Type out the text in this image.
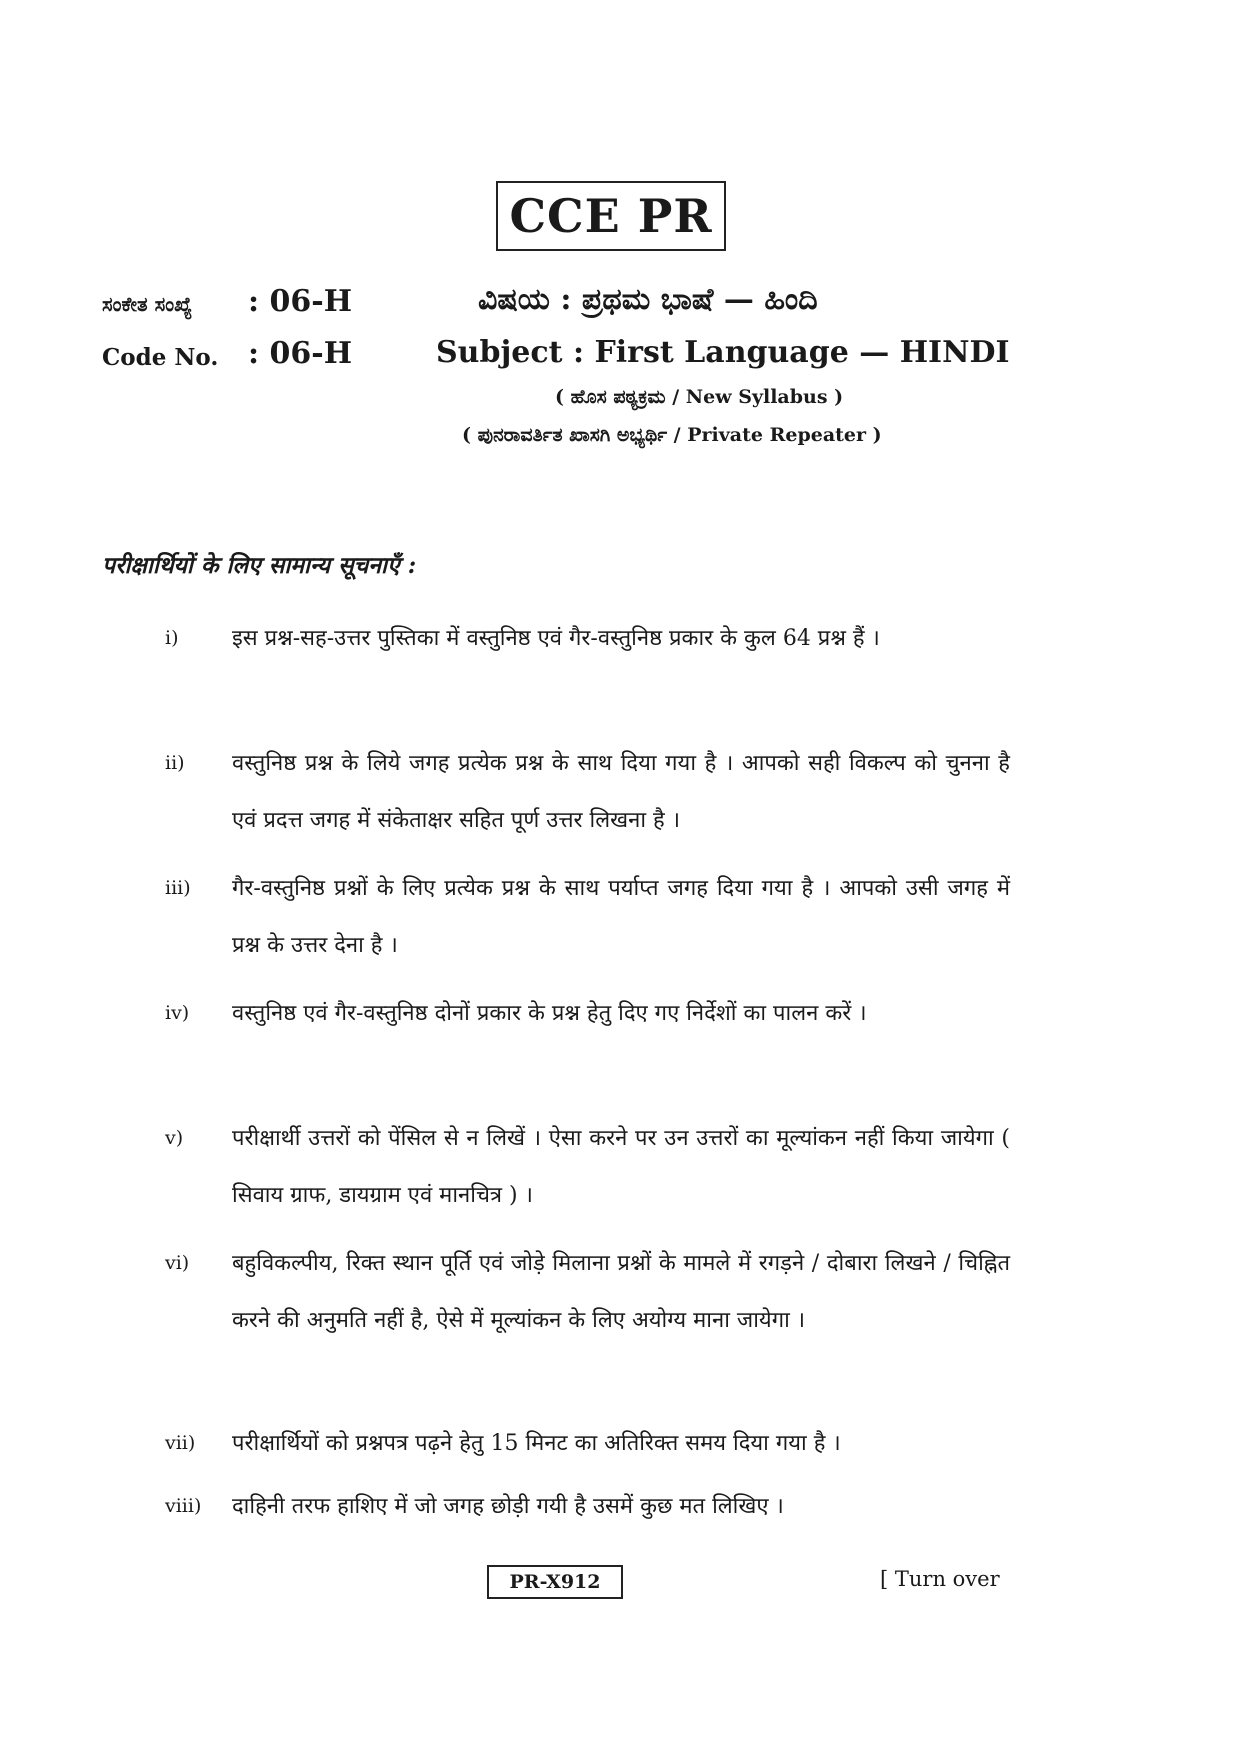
CCE PR
ಸಂಕೇತ ಸಂಖ್ಯೆ : 06-H
Code No. : 06-H
ವಿಷಯ : ಪ್ರಥಮ ಭಾಷೆ — ಹಿಂದಿ
Subject : First Language — HINDI
( ಹೊಸ ಪಠ್ಯಕ್ರಮ / New Syllabus )
( ಪುನರಾವರ್ತಿತ ಖಾಸಗಿ ಅಭ್ಯರ್ಥಿ / Private Repeater )
परीक्षार्थियों के लिए सामान्य सूचनाएँ :
i)	इस प्रश्न-सह-उत्तर पुस्तिका में वस्तुनिष्ठ एवं गैर-वस्तुनिष्ठ प्रकार के कुल 64 प्रश्न हैं ।
ii)	वस्तुनिष्ठ प्रश्न के लिये जगह प्रत्येक प्रश्न के साथ दिया गया है । आपको सही विकल्प को चुनना है एवं प्रदत्त जगह में संकेताक्षर सहित पूर्ण उत्तर लिखना है ।
iii)	गैर-वस्तुनिष्ठ प्रश्नों के लिए प्रत्येक प्रश्न के साथ पर्याप्त जगह दिया गया है । आपको उसी जगह में प्रश्न के उत्तर देना है ।
iv)	वस्तुनिष्ठ एवं गैर-वस्तुनिष्ठ दोनों प्रकार के प्रश्न हेतु दिए गए निर्देशों का पालन करें ।
v)	परीक्षार्थी उत्तरों को पेंसिल से न लिखें । ऐसा करने पर उन उत्तरों का मूल्यांकन नहीं किया जायेगा ( सिवाय ग्राफ, डायग्राम एवं मानचित्र ) ।
vi)	बहुविकल्पीय, रिक्त स्थान पूर्ति एवं जोड़े मिलाना प्रश्नों के मामले में रगड़ने / दोबारा लिखने / चिह्नित करने की अनुमति नहीं है, ऐसे में मूल्यांकन के लिए अयोग्य माना जायेगा ।
vii)	परीक्षार्थियों को प्रश्नपत्र पढ़ने हेतु 15 मिनट का अतिरिक्त समय दिया गया है ।
viii)	दाहिनी तरफ हाशिए में जो जगह छोड़ी गयी है उसमें कुछ मत लिखिए ।
PR-X912	[ Turn over
